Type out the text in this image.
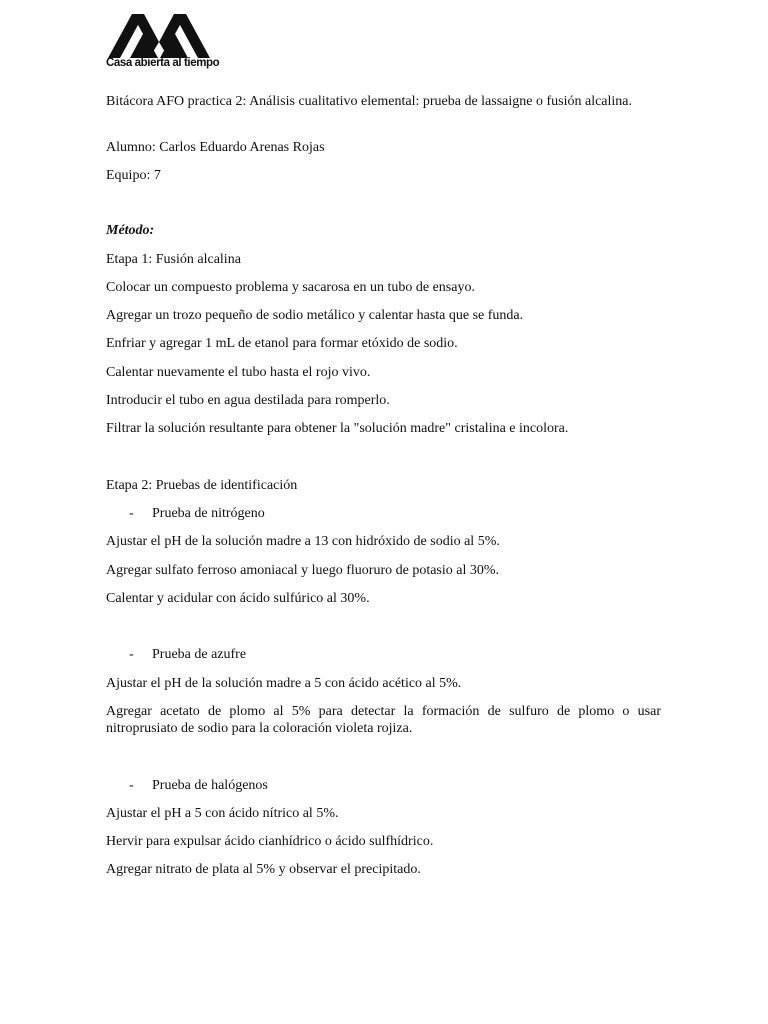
Casa abierta al tiempo
Bitácora AFO practica 2: Análisis cualitativo elemental: prueba de lassaigne o fusión alcalina.
Alumno: Carlos Eduardo Arenas Rojas
Equipo: 7
Método:
Etapa 1: Fusión alcalina
Colocar un compuesto problema y sacarosa en un tubo de ensayo.
Agregar un trozo pequeño de sodio metálico y calentar hasta que se funda.
Enfriar y agregar 1 mL de etanol para formar etóxido de sodio.
Calentar nuevamente el tubo hasta el rojo vivo.
Introducir el tubo en agua destilada para romperlo.
Filtrar la solución resultante para obtener la "solución madre" cristalina e incolora.
Etapa 2: Pruebas de identificación
- Prueba de nitrógeno
Ajustar el pH de la solución madre a 13 con hidróxido de sodio al 5%.
Agregar sulfato ferroso amoniacal y luego fluoruro de potasio al 30%.
Calentar y acidular con ácido sulfúrico al 30%.
- Prueba de azufre
Ajustar el pH de la solución madre a 5 con ácido acético al 5%.
Agregar acetato de plomo al 5% para detectar la formación de sulfuro de plomo o usar nitroprusiato de sodio para la coloración violeta rojiza.
- Prueba de halógenos
Ajustar el pH a 5 con ácido nítrico al 5%.
Hervir para expulsar ácido cianhídrico o ácido sulfhídrico.
Agregar nitrato de plata al 5% y observar el precipitado.
